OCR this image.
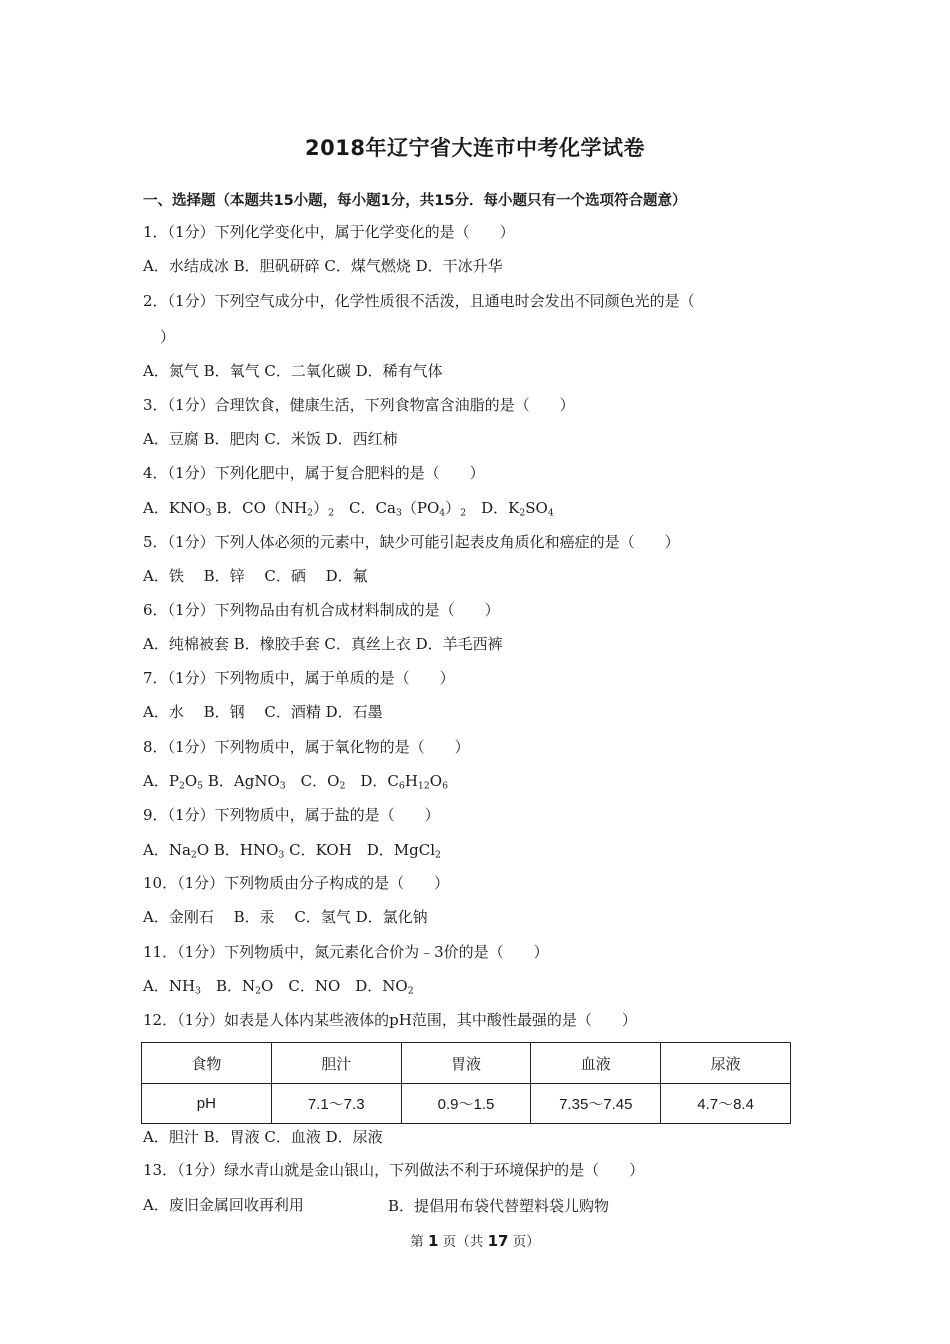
2018年辽宁省大连市中考化学试卷
一、选择题（本题共15小题，每小题1分，共15分．每小题只有一个选项符合题意）
1．（1分）下列化学变化中，属于化学变化的是（　　）
A．水结成冰 B．胆矾研碎 C．煤气燃烧 D．干冰升华
2．（1分）下列空气成分中，化学性质很不活泼，且通电时会发出不同颜色光的是（
）
A．氮气 B．氧气 C．二氧化碳 D．稀有气体
3．（1分）合理饮食，健康生活，下列食物富含油脂的是（　　）
A．豆腐 B．肥肉 C．米饭 D．西红柿
4．（1分）下列化肥中，属于复合肥料的是（　　）
A．$KNO_3$ B．$CO(NH_2)_2$　C．$Ca_3(PO_4)_2$　D．$K_2SO_4$
5．（1分）下列人体必须的元素中，缺少可能引起表皮角质化和癌症的是（　　）
A．铁　 B．锌　 C．硒　 D．氟
6．（1分）下列物品由有机合成材料制成的是（　　）
A．纯棉被套 B．橡胶手套 C．真丝上衣 D．羊毛西裤
7．（1分）下列物质中，属于单质的是（　　）
A．水　 B．钢　 C．酒精 D．石墨
8．（1分）下列物质中，属于氧化物的是（　　）
A．$P_2O_5$ B．AgNO$_3$　C．$O_2$　D．$C_6H_{12}O_6$
9．（1分）下列物质中，属于盐的是（　　）
A．$Na_2O$ B．$HNO_3$ C．KOH　D．MgCl$_2$
10．（1分）下列物质由分子构成的是（　　）
A．金刚石　 B．汞　 C．氢气 D．氯化钠
11．（1分）下列物质中，氮元素化合价为﹣3价的是（　　）
A．$NH_3$　B．$N_2O$　C．NO　D．$NO_2$
12．（1分）如表是人体内某些液体的pH范围，其中酸性最强的是（　　）
食物	胆汁	胃液	血液	尿液
pH	7.1～7.3	0.9～1.5	7.35～7.45	4.7～8.4
A．胆汁 B．胃液 C．血液 D．尿液
13．（1分）绿水青山就是金山银山，下列做法不利于环境保护的是（　　）
A．废旧金属回收再利用	B．提倡用布袋代替塑料袋儿购物
第 1 页（共 17 页）
